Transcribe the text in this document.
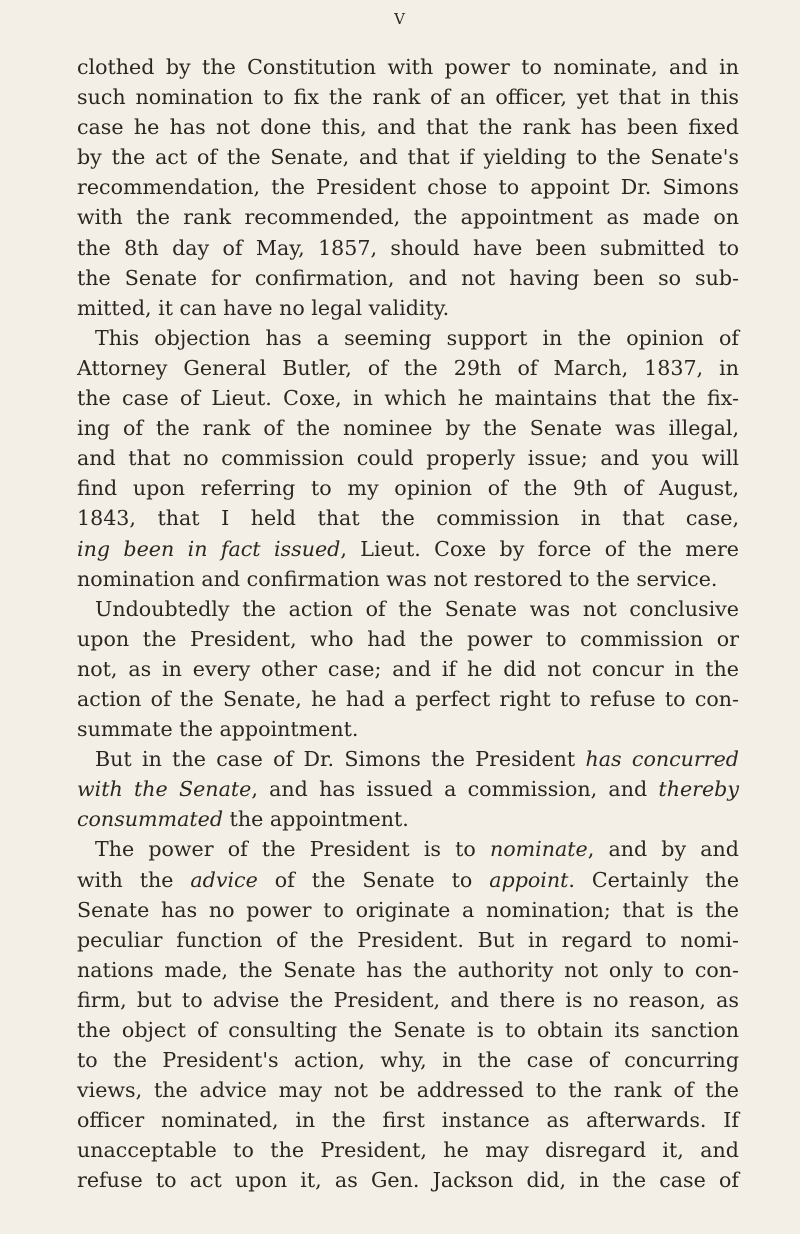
V
clothed by the Constitution with power to nominate, and in
such nomination to fix the rank of an officer, yet that in this
case he has not done this, and that the rank has been fixed
by the act of the Senate, and that if yielding to the Senate's
recommendation, the President chose to appoint Dr. Simons
with the rank recommended, the appointment as made on
the 8th day of May, 1857, should have been submitted to
the Senate for confirmation, and not having been so sub-
mitted, it can have no legal validity.
This objection has a seeming support in the opinion of
Attorney General Butler, of the 29th of March, 1837, in
the case of Lieut. Coxe, in which he maintains that the fix-
ing of the rank of the nominee by the Senate was illegal,
and that no commission could properly issue; and you will
find upon referring to my opinion of the 9th of August,
1843, that I held that the commission in that case,
ing been in fact issued, Lieut. Coxe by force of the mere
nomination and confirmation was not restored to the service.
Undoubtedly the action of the Senate was not conclusive
upon the President, who had the power to commission or
not, as in every other case; and if he did not concur in the
action of the Senate, he had a perfect right to refuse to con-
summate the appointment.
But in the case of Dr. Simons the President has concurred
with the Senate, and has issued a commission, and thereby
consummated the appointment.
The power of the President is to nominate, and by and
with the advice of the Senate to appoint. Certainly the
Senate has no power to originate a nomination; that is the
peculiar function of the President. But in regard to nomi-
nations made, the Senate has the authority not only to con-
firm, but to advise the President, and there is no reason, as
the object of consulting the Senate is to obtain its sanction
to the President's action, why, in the case of concurring
views, the advice may not be addressed to the rank of the
officer nominated, in the first instance as afterwards. If
unacceptable to the President, he may disregard it, and
refuse to act upon it, as Gen. Jackson did, in the case of
